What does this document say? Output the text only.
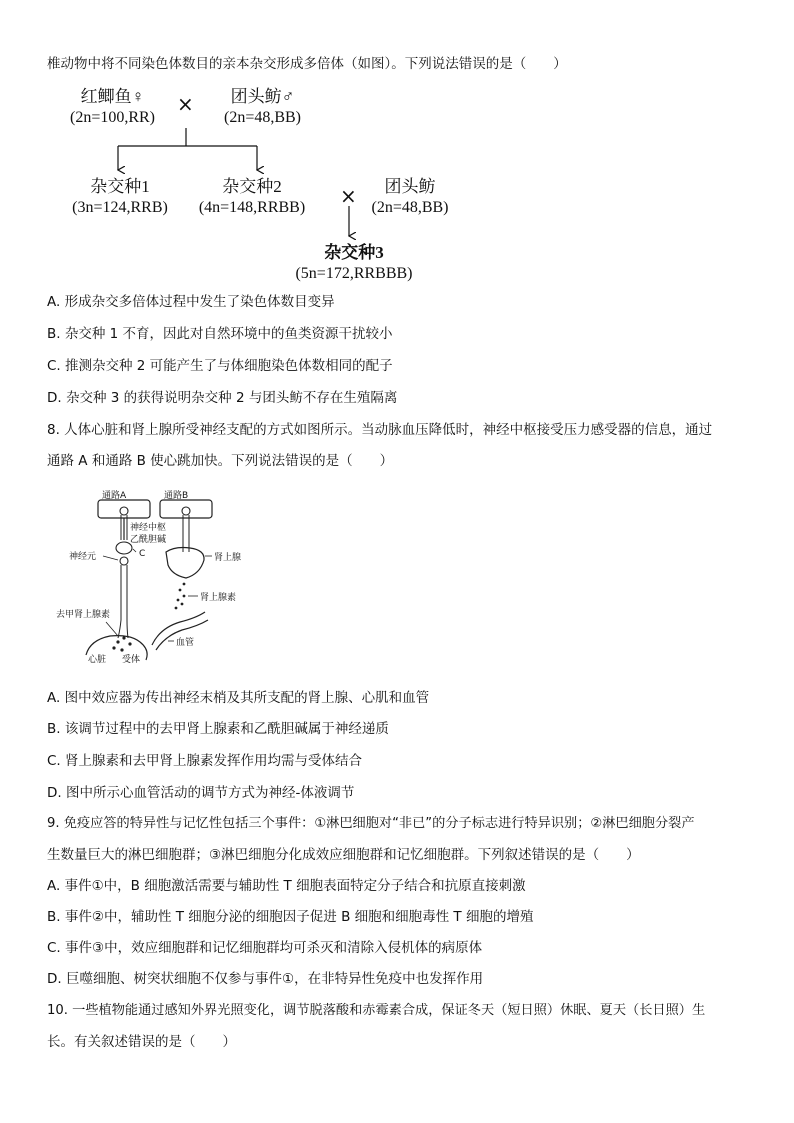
椎动物中将不同染色体数目的亲本杂交形成多倍体（如图）。下列说法错误的是（　　）
红鲫鱼♀
(2n=100,RR)
×	团头鲂♂
(2n=48,BB)
杂交种1
(3n=124,RRB)
杂交种2
(4n=148,RRBB)	×	团头鲂
(2n=48,BB)
杂交种3
(5n=172,RRBBB)
A. 形成杂交多倍体过程中发生了染色体数目变异
B. 杂交种 1 不育，因此对自然环境中的鱼类资源干扰较小
C. 推测杂交种 2 可能产生了与体细胞染色体数相同的配子
D. 杂交种 3 的获得说明杂交种 2 与团头鲂不存在生殖隔离
8. 人体心脏和肾上腺所受神经支配的方式如图所示。当动脉血压降低时，神经中枢接受压力感受器的信息，通过
通路 A 和通路 B 使心跳加快。下列说法错误的是（　　）
通路A	通路B
神经中枢
乙酰胆碱
神经元	C	肾上腺
肾上腺素
去甲肾上腺素
血管
心脏 受体
A. 图中效应器为传出神经末梢及其所支配的肾上腺、心肌和血管
B. 该调节过程中的去甲肾上腺素和乙酰胆碱属于神经递质
C. 肾上腺素和去甲肾上腺素发挥作用均需与受体结合
D. 图中所示心血管活动的调节方式为神经-体液调节
9. 免疫应答的特异性与记忆性包括三个事件：①淋巴细胞对“非已”的分子标志进行特异识别；②淋巴细胞分裂产
生数量巨大的淋巴细胞群；③淋巴细胞分化成效应细胞群和记忆细胞群。下列叙述错误的是（　　）
A. 事件①中，B 细胞激活需要与辅助性 T 细胞表面特定分子结合和抗原直接刺激
B. 事件②中，辅助性 T 细胞分泌的细胞因子促进 B 细胞和细胞毒性 T 细胞的增殖
C. 事件③中，效应细胞群和记忆细胞群均可杀灭和清除入侵机体的病原体
D. 巨噬细胞、树突状细胞不仅参与事件①，在非特异性免疫中也发挥作用
10. 一些植物能通过感知外界光照变化，调节脱落酸和赤霉素合成，保证冬天（短日照）休眠、夏天（长日照）生
长。有关叙述错误的是（　　）
